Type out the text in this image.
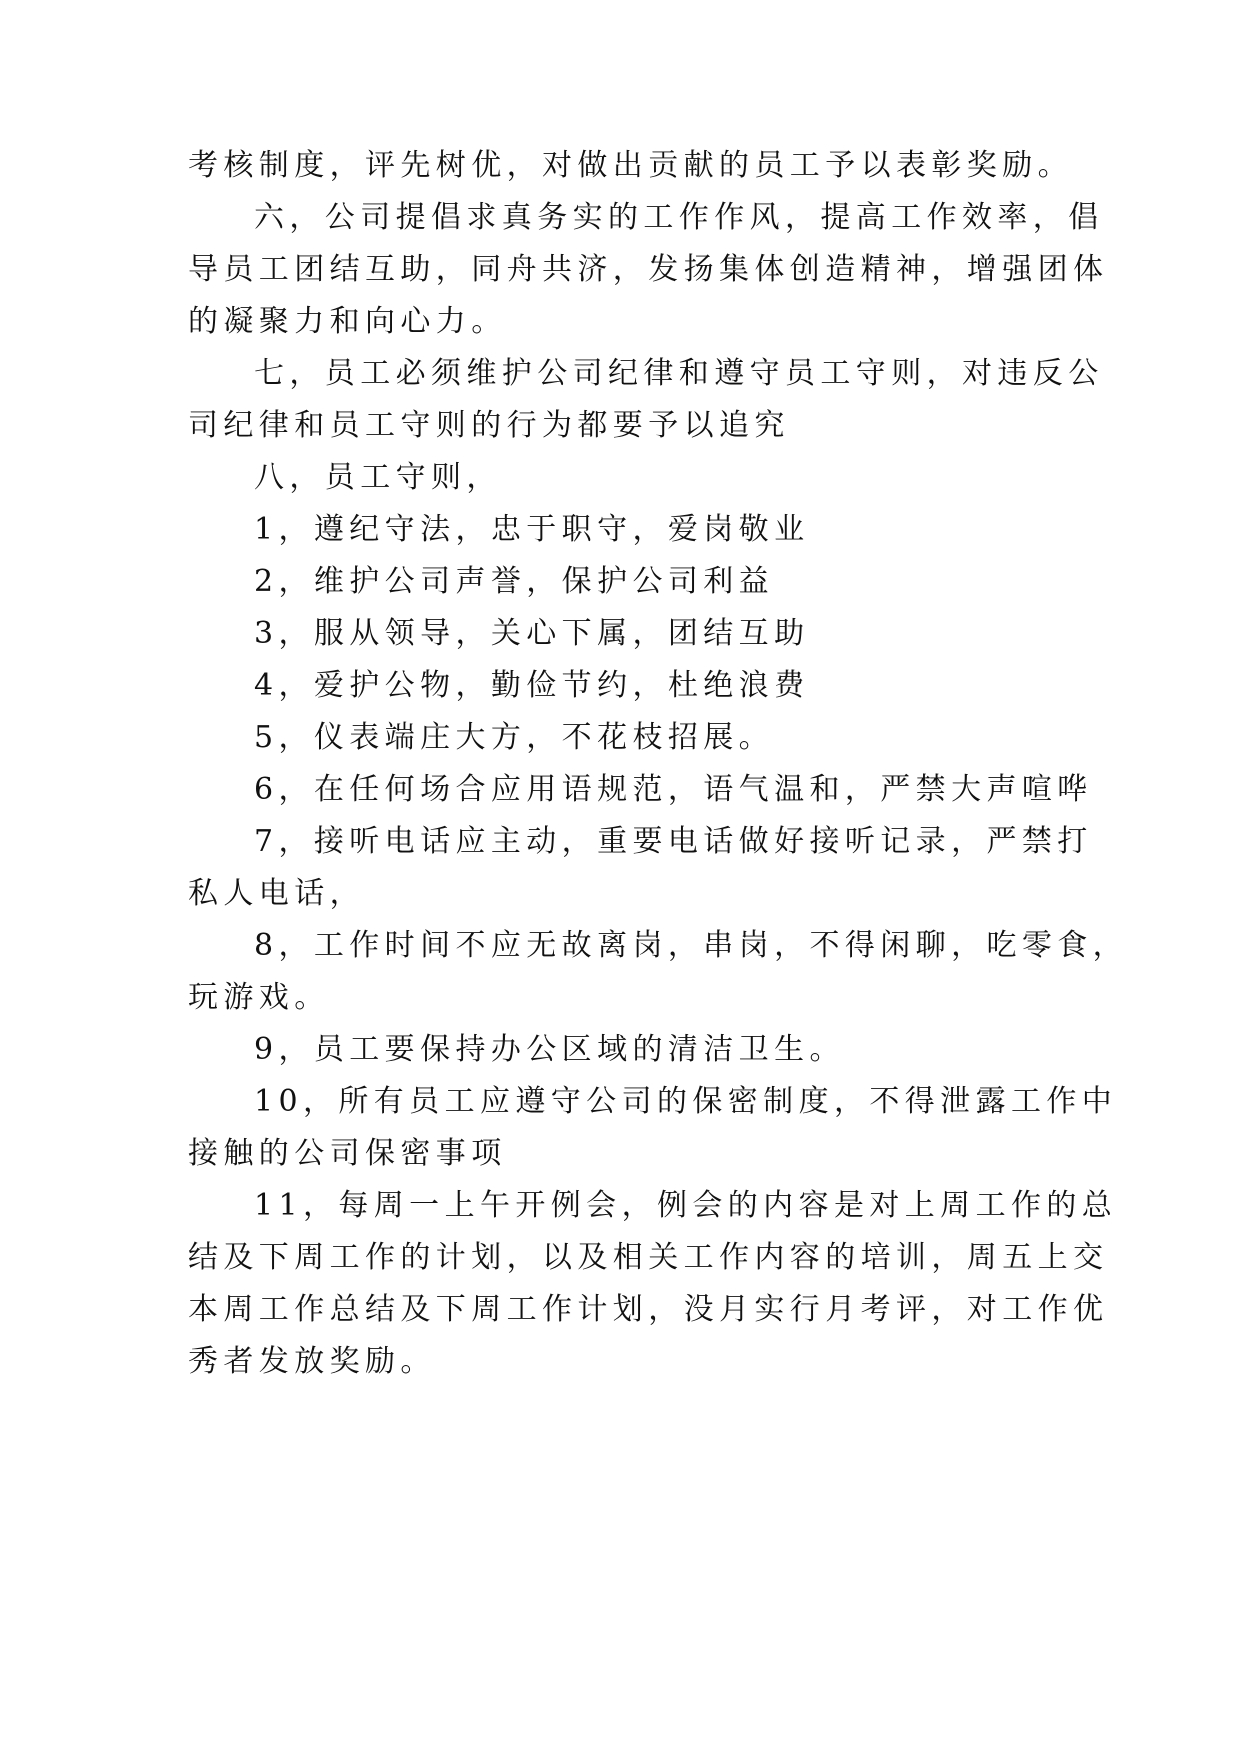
考核制度，评先树优，对做出贡献的员工予以表彰奖励。
六，公司提倡求真务实的工作作风，提高工作效率，倡
导员工团结互助，同舟共济，发扬集体创造精神，增强团体
的凝聚力和向心力。
七，员工必须维护公司纪律和遵守员工守则，对违反公
司纪律和员工守则的行为都要予以追究
八，员工守则，
1，遵纪守法，忠于职守，爱岗敬业
2，维护公司声誉，保护公司利益
3，服从领导，关心下属，团结互助
4，爱护公物，勤俭节约，杜绝浪费
5，仪表端庄大方，不花枝招展。
6，在任何场合应用语规范，语气温和，严禁大声喧哗
7，接听电话应主动，重要电话做好接听记录，严禁打
私人电话，
8，工作时间不应无故离岗，串岗，不得闲聊，吃零食，
玩游戏。
9，员工要保持办公区域的清洁卫生。
10，所有员工应遵守公司的保密制度，不得泄露工作中
接触的公司保密事项
11，每周一上午开例会，例会的内容是对上周工作的总
结及下周工作的计划，以及相关工作内容的培训，周五上交
本周工作总结及下周工作计划，没月实行月考评，对工作优
秀者发放奖励。
